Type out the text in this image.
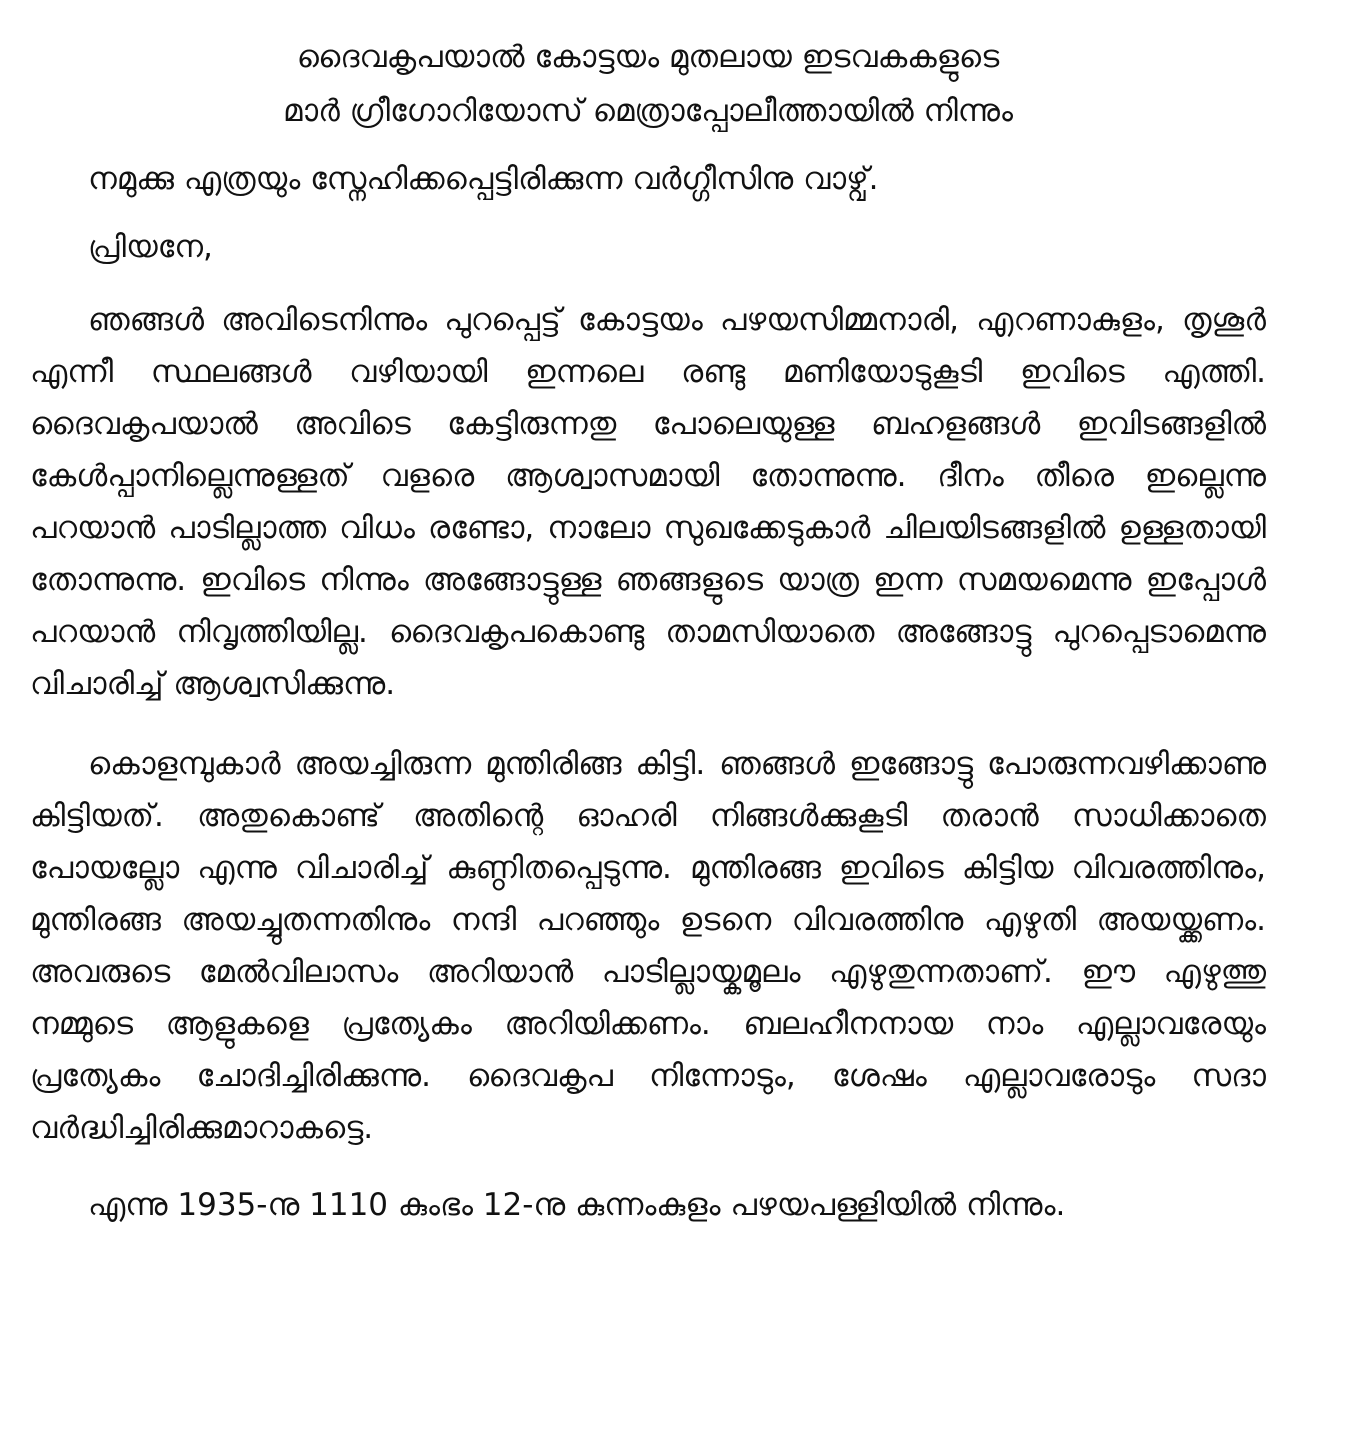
ദൈവകൃപയാൽ കോട്ടയം മുതലായ ഇടവകകളുടെ
മാർ ഗ്രീഗോറിയോസ് മെത്രാപ്പോലീത്തായിൽ നിന്നും

നമുക്കു എത്രയും സ്നേഹിക്കപ്പെട്ടിരിക്കുന്ന വർഗ്ഗീസിനു വാഴ്വ്.

പ്രിയനേ,

ഞങ്ങൾ അവിടെനിന്നും പുറപ്പെട്ട് കോട്ടയം പഴയസിമ്മനാരി, എറണാകുളം, തൃശൂർ എന്നീ സ്ഥലങ്ങൾ വഴിയായി ഇന്നലെ രണ്ടു മണിയോടുകൂടി ഇവിടെ എത്തി. ദൈവകൃപയാൽ അവിടെ കേട്ടിരുന്നതു പോലെയുള്ള ബഹളങ്ങൾ ഇവിടങ്ങളിൽ കേൾപ്പാനില്ലെന്നുള്ളത് വളരെ ആശ്വാസമായി തോന്നുന്നു. ദീനം തീരെ ഇല്ലെന്നു പറയാൻ പാടില്ലാത്ത വിധം രണ്ടോ, നാലോ സുഖക്കേടുകാർ ചിലയിടങ്ങളിൽ ഉള്ളതായി തോന്നുന്നു. ഇവിടെ നിന്നും അങ്ങോട്ടുള്ള ഞങ്ങളുടെ യാത്ര ഇന്ന സമയമെന്നു ഇപ്പോൾ പറയാൻ നിവൃത്തിയില്ല. ദൈവകൃപകൊണ്ടു താമസിയാതെ അങ്ങോട്ടു പുറപ്പെടാമെന്നു വിചാരിച്ച് ആശ്വസിക്കുന്നു.

കൊളമ്പുകാർ അയച്ചിരുന്ന മുന്തിരിങ്ങ കിട്ടി. ഞങ്ങൾ ഇങ്ങോട്ടു പോരുന്നവഴിക്കാണു കിട്ടിയത്. അതുകൊണ്ട് അതിന്റെ ഓഹരി നിങ്ങൾക്കുകൂടി തരാൻ സാധിക്കാതെ പോയല്ലോ എന്നു വിചാരിച്ച് കുണ്ഠിതപ്പെടുന്നു. മുന്തിരങ്ങ ഇവിടെ കിട്ടിയ വിവരത്തിനും, മുന്തിരങ്ങ അയച്ചുതന്നതിനും നന്ദി പറഞ്ഞും ഉടനെ വിവരത്തിനു എഴുതി അയയ്ക്കണം. അവരുടെ മേൽവിലാസം അറിയാൻ പാടില്ലായ്കമൂലം എഴുതുന്നതാണ്. ഈ എഴുത്തു നമ്മുടെ ആളുകളെ പ്രത്യേകം അറിയിക്കണം. ബലഹീനനായ നാം എല്ലാവരേയും പ്രത്യേകം ചോദിച്ചിരിക്കുന്നു. ദൈവകൃപ നിന്നോടും, ശേഷം എല്ലാവരോടും സദാ വർദ്ധിച്ചിരിക്കുമാറാകട്ടെ.

എന്നു 1935-നു 1110 കുംഭം 12-നു കുന്നംകുളം പഴയപള്ളിയിൽ നിന്നും.
